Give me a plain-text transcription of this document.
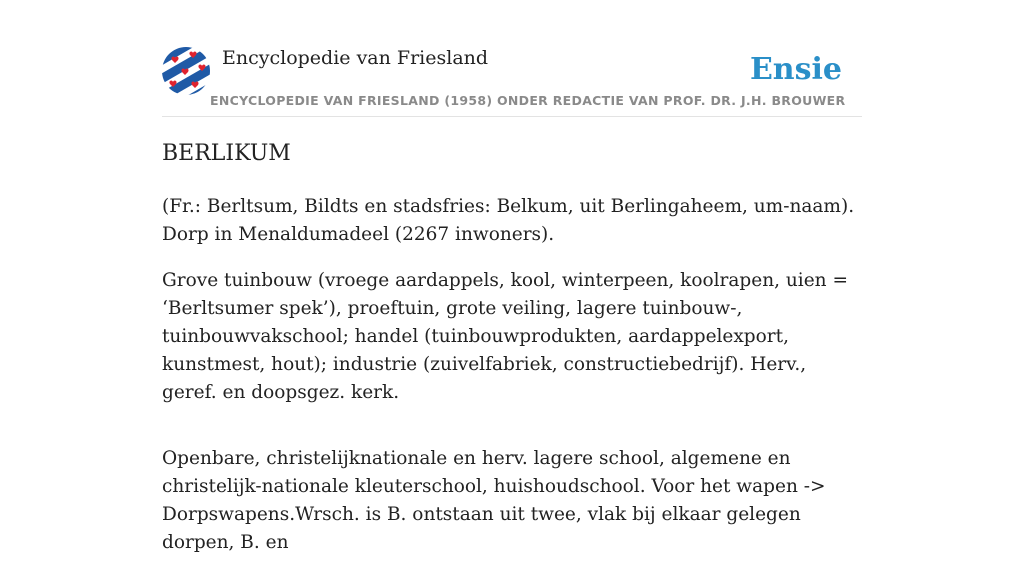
Encyclopedie van Friesland
ENCYCLOPEDIE VAN FRIESLAND (1958) ONDER REDACTIE VAN PROF. DR. J.H. BROUWER
Ensie
BERLIKUM

(Fr.: Berltsum, Bildts en stadsfries: Belkum, uit Berlingaheem, um-naam). Dorp in Menaldumadeel (2267 inwoners).

Grove tuinbouw (vroege aardappels, kool, winterpeen, koolrapen, uien = ‘Berltsumer spek’), proeftuin, grote veiling, lagere tuinbouw-, tuinbouwvakschool; handel (tuinbouwprodukten, aardappelexport, kunstmest, hout); industrie (zuivelfabriek, constructiebedrijf). Herv., geref. en doopsgez. kerk.

Openbare, christelijknationale en herv. lagere school, algemene en christelijk-nationale kleuterschool, huishoudschool. Voor het wapen -> Dorpswapens.Wrsch. is B. ontstaan uit twee, vlak bij elkaar gelegen dorpen, B. en
